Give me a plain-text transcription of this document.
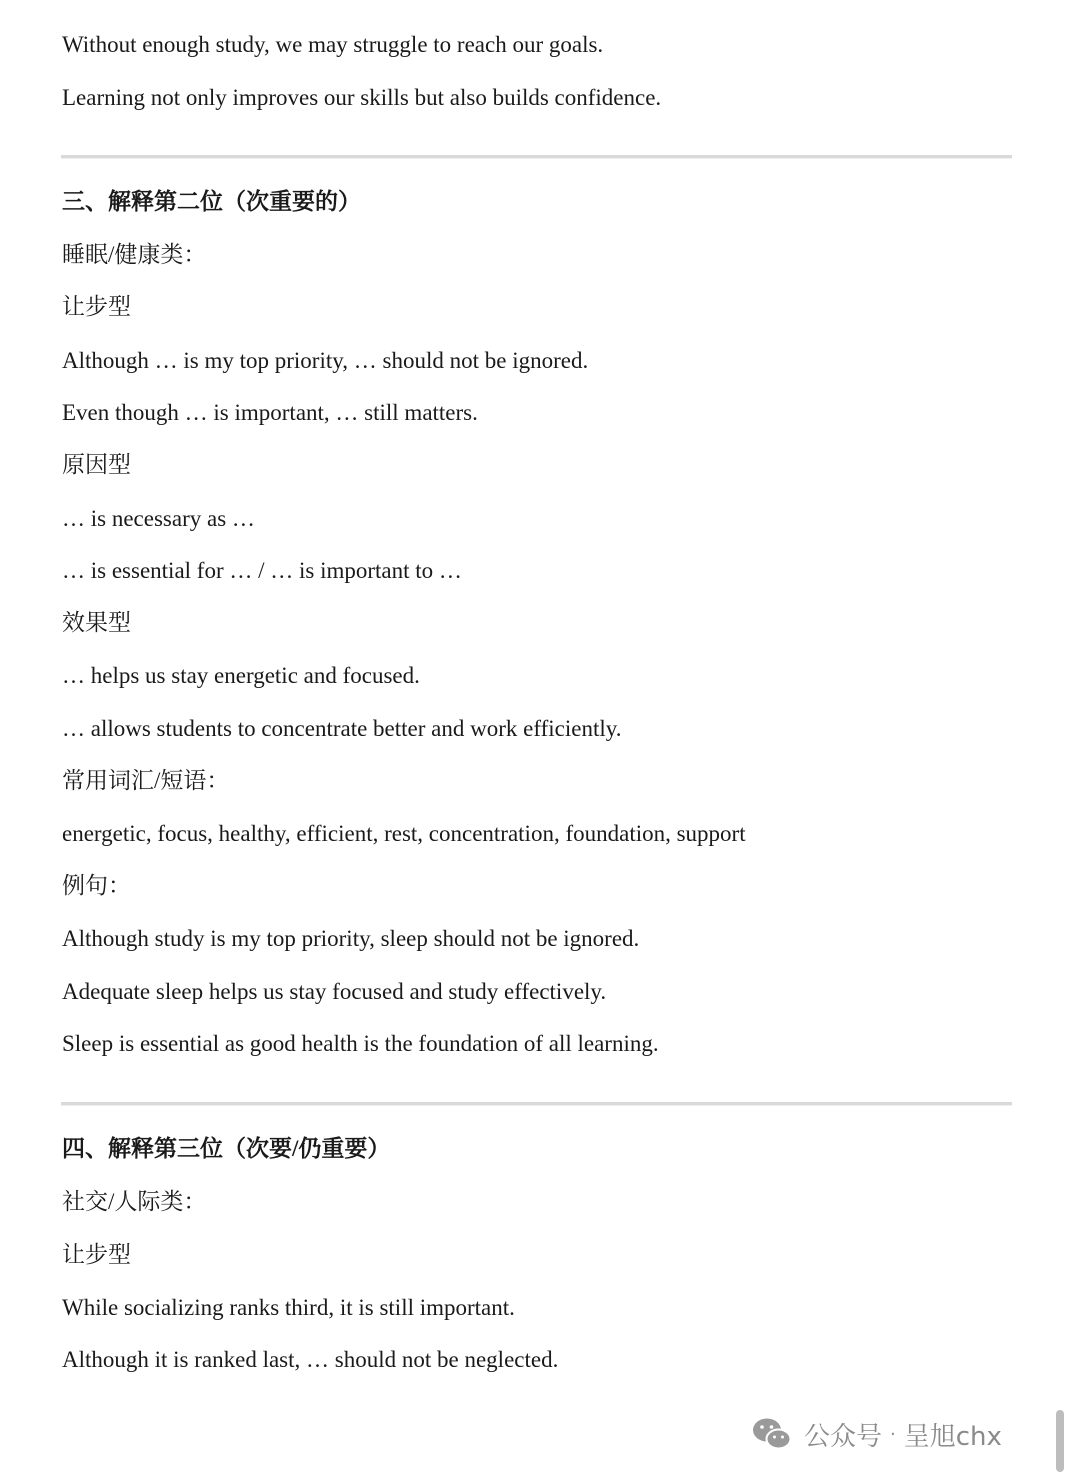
Without enough study, we may struggle to reach our goals.
Learning not only improves our skills but also builds confidence.
三、解释第二位（次重要的）
睡眠/健康类：
让步型
Although … is my top priority, … should not be ignored.
Even though … is important, … still matters.
原因型
… is necessary as …
… is essential for … / … is important to …
效果型
… helps us stay energetic and focused.
… allows students to concentrate better and work efficiently.
常用词汇/短语：
energetic, focus, healthy, efficient, rest, concentration, foundation, support
例句：
Although study is my top priority, sleep should not be ignored.
Adequate sleep helps us stay focused and study effectively.
Sleep is essential as good health is the foundation of all learning.
四、解释第三位（次要/仍重要）
社交/人际类：
让步型
While socializing ranks third, it is still important.
Although it is ranked last, … should not be neglected.
公众号 · 呈旭chx
